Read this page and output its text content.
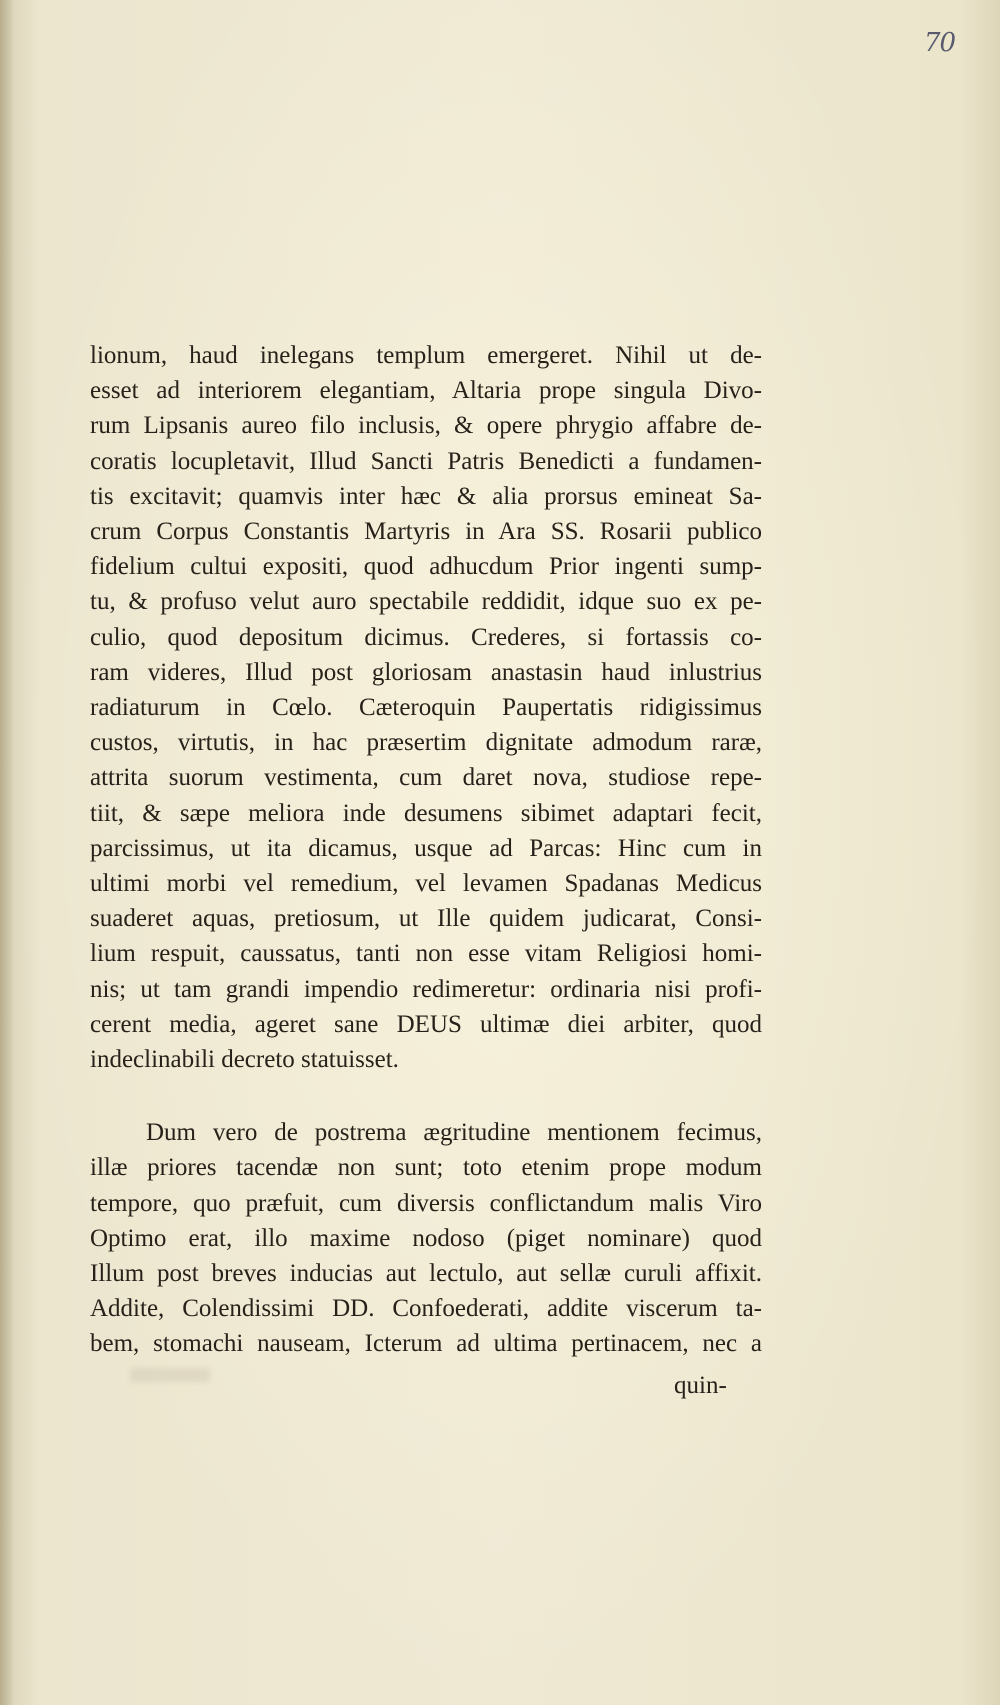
70
lionum, haud inelegans templum emergeret. Nihil ut de-
esset ad interiorem elegantiam, Altaria prope singula Divo-
rum Lipsanis aureo filo inclusis, & opere phrygio affabre de-
coratis locupletavit, Illud Sancti Patris Benedicti a fundamen-
tis excitavit; quamvis inter hæc & alia prorsus emineat Sa-
crum Corpus Constantis Martyris in Ara SS. Rosarii publico
fidelium cultui expositi, quod adhucdum Prior ingenti sump-
tu, & profuso velut auro spectabile reddidit, idque suo ex pe-
culio, quod depositum dicimus. Crederes, si fortassis co-
ram videres, Illud post gloriosam anastasin haud inlustrius
radiaturum in Cœlo. Cæteroquin Paupertatis ridigissimus
custos, virtutis, in hac præsertim dignitate admodum raræ,
attrita suorum vestimenta, cum daret nova, studiose repe-
tiit, & sæpe meliora inde desumens sibimet adaptari fecit,
parcissimus, ut ita dicamus, usque ad Parcas: Hinc cum in
ultimi morbi vel remedium, vel levamen Spadanas Medicus
suaderet aquas, pretiosum, ut Ille quidem judicarat, Consi-
lium respuit, caussatus, tanti non esse vitam Religiosi homi-
nis; ut tam grandi impendio redimeretur: ordinaria nisi profi-
cerent media, ageret sane DEUS ultimæ diei arbiter, quod
indeclinabili decreto statuisset.
Dum vero de postrema ægritudine mentionem fecimus,
illæ priores tacendæ non sunt; toto etenim prope modum
tempore, quo præfuit, cum diversis conflictandum malis Viro
Optimo erat, illo maxime nodoso (piget nominare) quod
Illum post breves inducias aut lectulo, aut sellæ curuli affixit.
Addite, Colendissimi DD. Confoederati, addite viscerum ta-
bem, stomachi nauseam, Icterum ad ultima pertinacem, nec a
quin-
